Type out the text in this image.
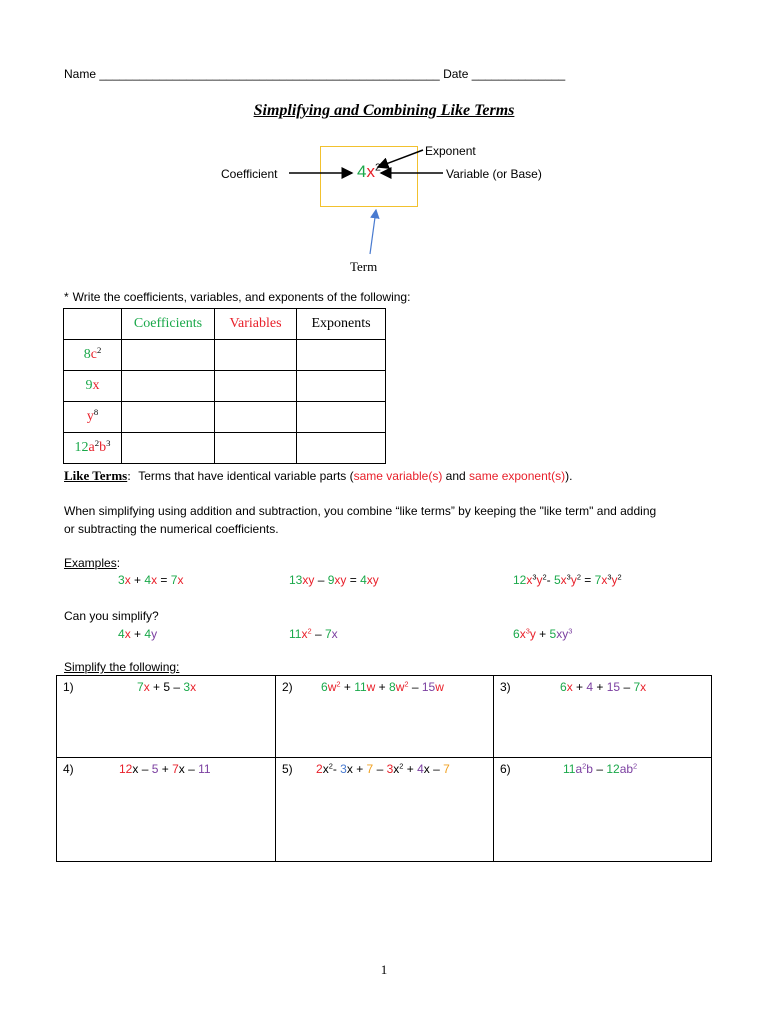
Name ___________________________________________________ Date ______________
Simplifying and Combining Like Terms
$4x^2$
Coefficient
Exponent
Variable (or Base)
Term
* Write the coefficients, variables, and exponents of the following:
	Coefficients	Variables	Exponents
$8c^2$			
9x			
$y^8$			
$12a^2b^3$			
Like Terms: Terms that have identical variable parts (same variable(s) and same exponent(s)).
When simplifying using addition and subtraction, you combine “like terms” by keeping the "like term" and adding
or subtracting the numerical coefficients.
Examples:
3x + 4x = 7x	13xy – 9xy = 4xy	$12x^3y^2-$ $5x^3y^2 = 7x^3y^2$
Can you simplify?
4x + 4y	$11x^2 - 7x$	$6x^3y + 5xy^3$
Simplify the following:
1) 7x + 5 – 3x	2) $6w^2 + 11w + 8w^2 - 15w$	3) 6x + 4 + 15 – 7x

4) 12x – 5 + 7x – 11	5) $2x^2-$ $3x + 7 - 3x^2 + 4x - 7$	6) $11a^2b - 12ab^2$
1
